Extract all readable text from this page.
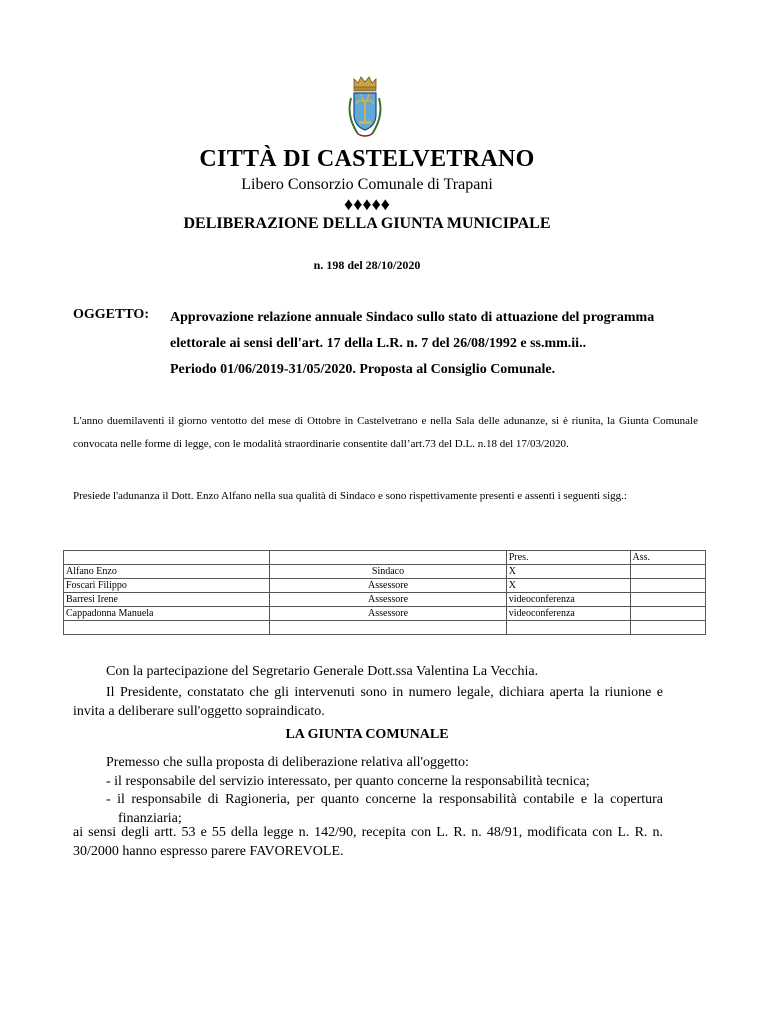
CITTÀ DI CASTELVETRANO
Libero Consorzio Comunale di Trapani
♦♦♦♦♦
DELIBERAZIONE DELLA GIUNTA MUNICIPALE
n. 198 del 28/10/2020
OGGETTO: Approvazione relazione annuale Sindaco sullo stato di attuazione del programma
elettorale ai sensi dell'art. 17 della L.R. n. 7 del 26/08/1992 e ss.mm.ii..
Periodo 01/06/2019-31/05/2020. Proposta al Consiglio Comunale.
L'anno duemilaventi il giorno ventotto del mese di Ottobre in Castelvetrano e nella Sala delle adunanze, si è riunita, la Giunta Comunale convocata nelle forme di legge, con le modalità straordinarie consentite dall’art.73 del D.L. n.18 del 17/03/2020.
Presiede l'adunanza il Dott. Enzo Alfano nella sua qualità di Sindaco e sono rispettivamente presenti e assenti i seguenti sigg.:
		Pres.	Ass.
Alfano Enzo	Sindaco	X	
Foscari Filippo	Assessore	X	
Barresi Irene	Assessore	videoconferenza	
Cappadonna Manuela	Assessore	videoconferenza	

Con la partecipazione del Segretario Generale Dott.ssa Valentina La Vecchia.
Il Presidente, constatato che gli intervenuti sono in numero legale, dichiara aperta la riunione e invita a deliberare sull'oggetto sopraindicato.
LA GIUNTA COMUNALE
Premesso che sulla proposta di deliberazione relativa all'oggetto:
- il responsabile del servizio interessato, per quanto concerne la responsabilità tecnica;
- il responsabile di Ragioneria, per quanto concerne la responsabilità contabile e la copertura finanziaria;
ai sensi degli artt. 53 e 55 della legge n. 142/90, recepita con L. R. n. 48/91, modificata con L. R. n. 30/2000 hanno espresso parere FAVOREVOLE.
